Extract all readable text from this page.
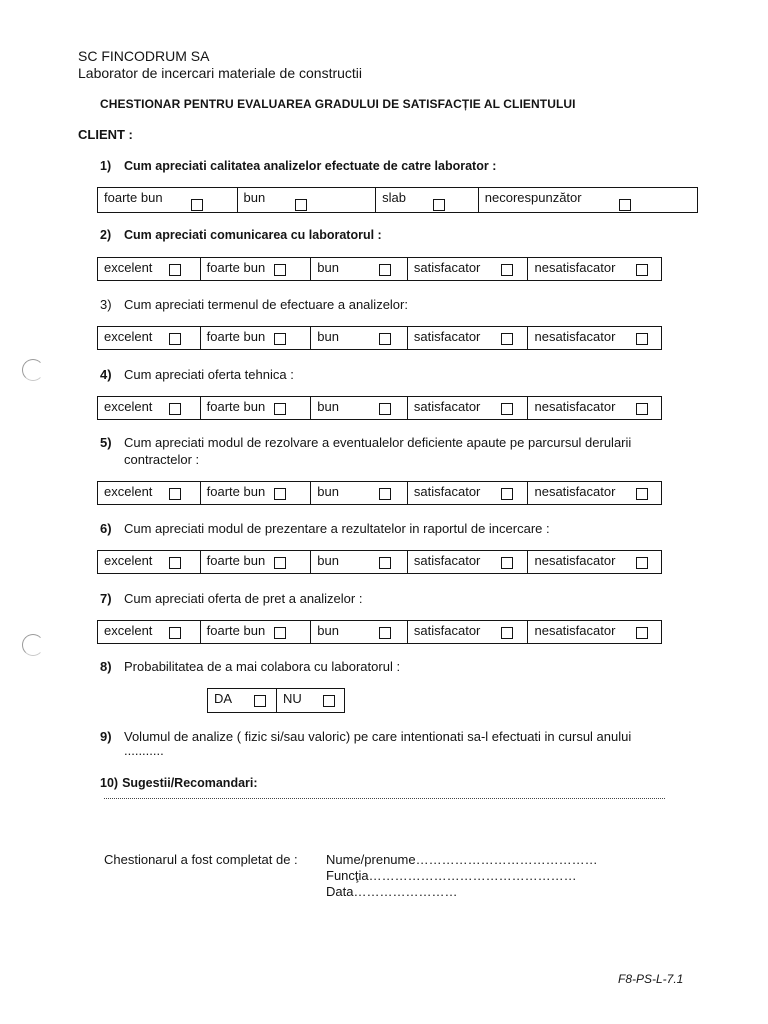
SC FINCODRUM SA
Laborator de incercari materiale de constructii
CHESTIONAR PENTRU EVALUAREA GRADULUI DE SATISFACȚIE AL CLIENTULUI
CLIENT :
1) Cum apreciati calitatea analizelor efectuate de catre laborator :
foarte bun	bun	slab	necorespunzător
2) Cum apreciati comunicarea cu laboratorul :
excelent	foarte bun	bun	satisfacator	nesatisfacator
3) Cum apreciati termenul de efectuare a analizelor:
excelent	foarte bun	bun	satisfacator	nesatisfacator
4) Cum apreciati oferta tehnica :
excelent	foarte bun	bun	satisfacator	nesatisfacator
5) Cum apreciati modul de rezolvare a eventualelor deficiente apaute pe parcursul derularii
contractelor :
excelent	foarte bun	bun	satisfacator	nesatisfacator
6) Cum apreciati modul de prezentare a rezultatelor in raportul de incercare :
excelent	foarte bun	bun	satisfacator	nesatisfacator
7) Cum apreciati oferta de pret a analizelor :
excelent	foarte bun	bun	satisfacator	nesatisfacator
8) Probabilitatea de a mai colabora cu laboratorul :
DA	NU
9) Volumul de analize ( fizic si/sau valoric) pe care intentionati sa-l efectuati in cursul anului
...........
10) Sugestii/Recomandari:
Chestionarul a fost completat de : Nume/prenume……………………………………
Funcţia…………………………………………
Data……………………
F8-PS-L-7.1
